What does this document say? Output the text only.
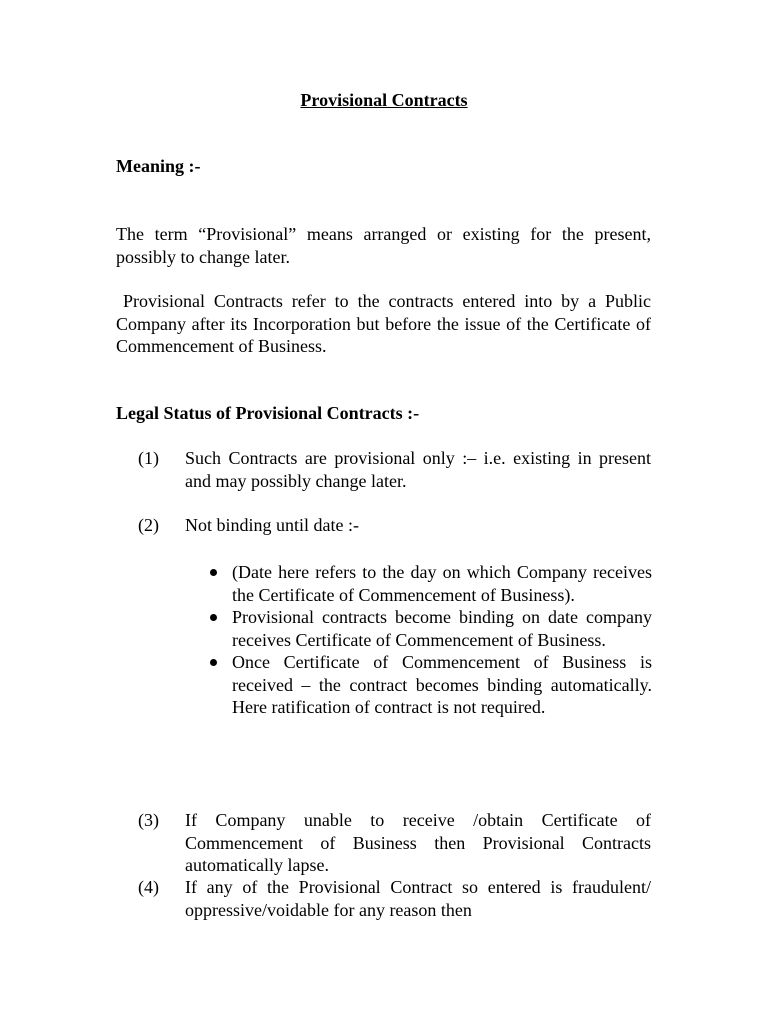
Provisional Contracts

Meaning :-

The term “Provisional” means arranged or existing for the present, possibly to change later.

Provisional Contracts refer to the contracts entered into by a Public Company after its Incorporation but before the issue of the Certificate of Commencement of Business.

Legal Status of Provisional Contracts :-

(1) Such Contracts are provisional only :– i.e. existing in present and may possibly change later.
(2) Not binding until date :-
(Date here refers to the day on which Company receives the Certificate of Commencement of Business).
Provisional contracts become binding on date company receives Certificate of Commencement of Business.
Once Certificate of Commencement of Business is received – the contract becomes binding automatically. Here ratification of contract is not required.
(3) If Company unable to receive /obtain Certificate of Commencement of Business then Provisional Contracts automatically lapse.
(4) If any of the Provisional Contract so entered is fraudulent/ oppressive/voidable for any reason then
